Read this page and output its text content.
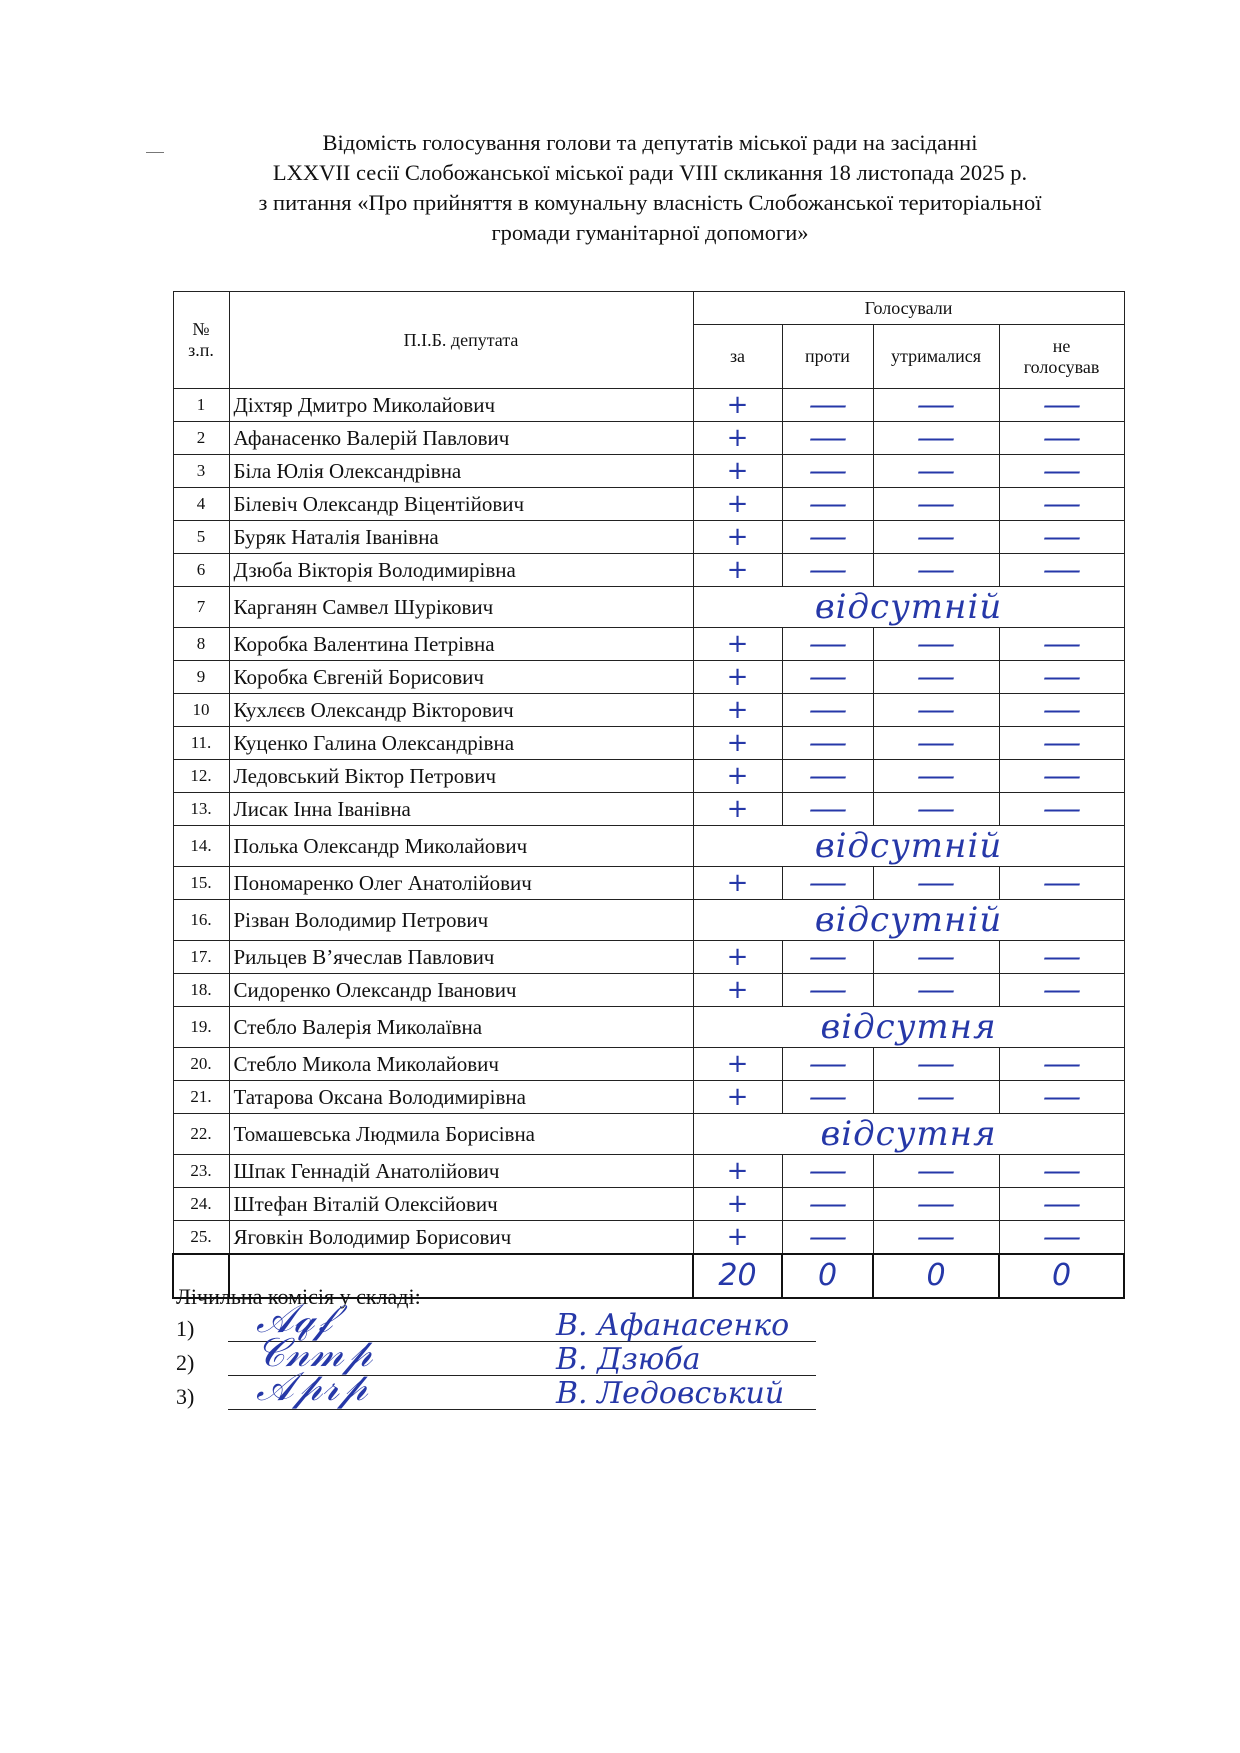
Відомість голосування голови та депутатів міської ради на засіданні
LXXVII сесії Слобожанської міської ради VIII скликання 18 листопада 2025 р.
з питання «Про прийняття в комунальну власність Слобожанської територіальної
громади гуманітарної допомоги»
№
з.п.	П.І.Б. депутата	Голосували			
		за	проти	утрималися	не
голосував

1	Діхтяр Дмитро Миколайович	+	—	—	—
2	Афанасенко Валерій Павлович	+	—	—	—
3	Біла Юлія Олександрівна	+	—	—	—
4	Білевіч Олександр Віцентійович	+	—	—	—
5	Буряк Наталія Іванівна	+	—	—	—
6	Дзюба Вікторія Володимирівна	+	—	—	—
7	Карганян Самвел Шурікович	відсутній			
8	Коробка Валентина Петрівна	+	—	—	—
9	Коробка Євгеній Борисович	+	—	—	—
10	Кухлєєв Олександр Вікторович	+	—	—	—
11.	Куценко Галина Олександрівна	+	—	—	—
12.	Ледовський Віктор Петрович	+	—	—	—
13.	Лисак Інна Іванівна	+	—	—	—
14.	Полька Олександр Миколайович	відсутній			
15.	Пономаренко Олег Анатолійович	+	—	—	—
16.	Різван Володимир Петрович	відсутній			
17.	Рильцев В’ячеслав Павлович	+	—	—	—
18.	Сидоренко Олександр Іванович	+	—	—	—
19.	Стебло Валерія Миколаївна	відсутня			
20.	Стебло Микола Миколайович	+	—	—	—
21.	Татарова Оксана Володимирівна	+	—	—	—
22.	Томашевська Людмила Борисівна	відсутня			
23.	Шпак Геннадій Анатолійович	+	—	—	—
24.	Штефан Віталій Олексійович	+	—	—	—
25.	Яговкін Володимир Борисович	+	—	—	—
		20	0	0	0
Лічильна комісія у складі:
1) 𝒜𝓆𝒻	В. Афанасенко
2) 𝒞𝓃𝓂𝓅	В. Дзюба
3) 𝒜𝓅𝓇𝓅	В. Ледовський
